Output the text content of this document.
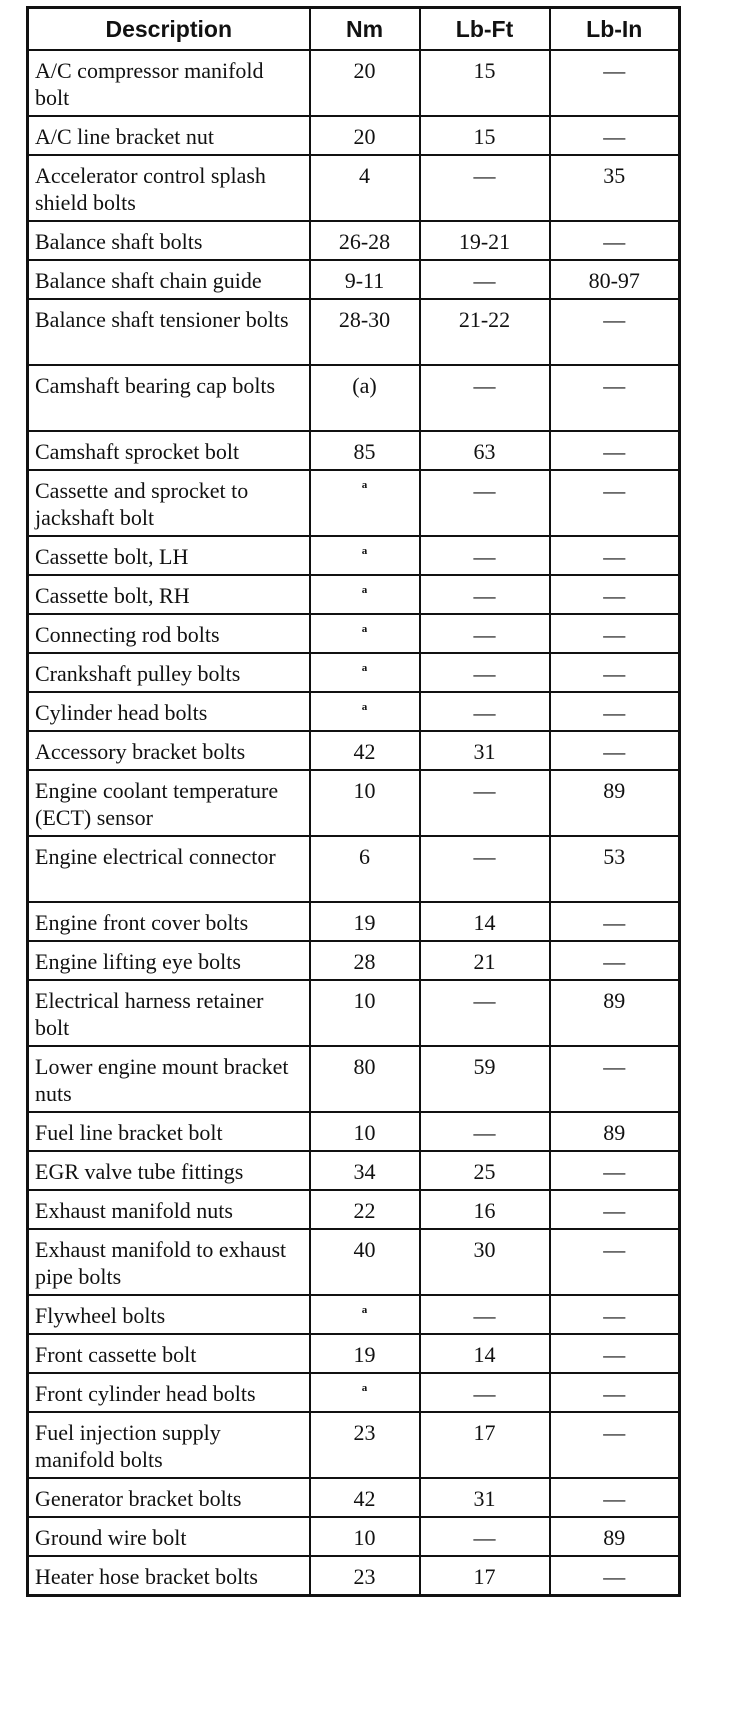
Description	Nm	Lb-Ft	Lb-In
A/C compressor manifold bolt	20	15	—
A/C line bracket nut	20	15	—
Accelerator control splash shield bolts	4	—	35
Balance shaft bolts	26-28	19-21	—
Balance shaft chain guide	9-11	—	80-97
Balance shaft tensioner bolts	28-30	21-22	—
Camshaft bearing cap bolts	(a)	—	—
Camshaft sprocket bolt	85	63	—
Cassette and sprocket to jackshaft bolt	$^a$	—	—
Cassette bolt, LH	$^a$	—	—
Cassette bolt, RH	$^a$	—	—
Connecting rod bolts	$^a$	—	—
Crankshaft pulley bolts	$^a$	—	—
Cylinder head bolts	$^a$	—	—
Accessory bracket bolts	42	31	—
Engine coolant temperature (ECT) sensor	10	—	89
Engine electrical connector	6	—	53
Engine front cover bolts	19	14	—
Engine lifting eye bolts	28	21	—
Electrical harness retainer bolt	10	—	89
Lower engine mount bracket nuts	80	59	—
Fuel line bracket bolt	10	—	89
EGR valve tube fittings	34	25	—
Exhaust manifold nuts	22	16	—
Exhaust manifold to exhaust pipe bolts	40	30	—
Flywheel bolts	$^a$	—	—
Front cassette bolt	19	14	—
Front cylinder head bolts	$^a$	—	—
Fuel injection supply manifold bolts	23	17	—
Generator bracket bolts	42	31	—
Ground wire bolt	10	—	89
Heater hose bracket bolts	23	17	—
